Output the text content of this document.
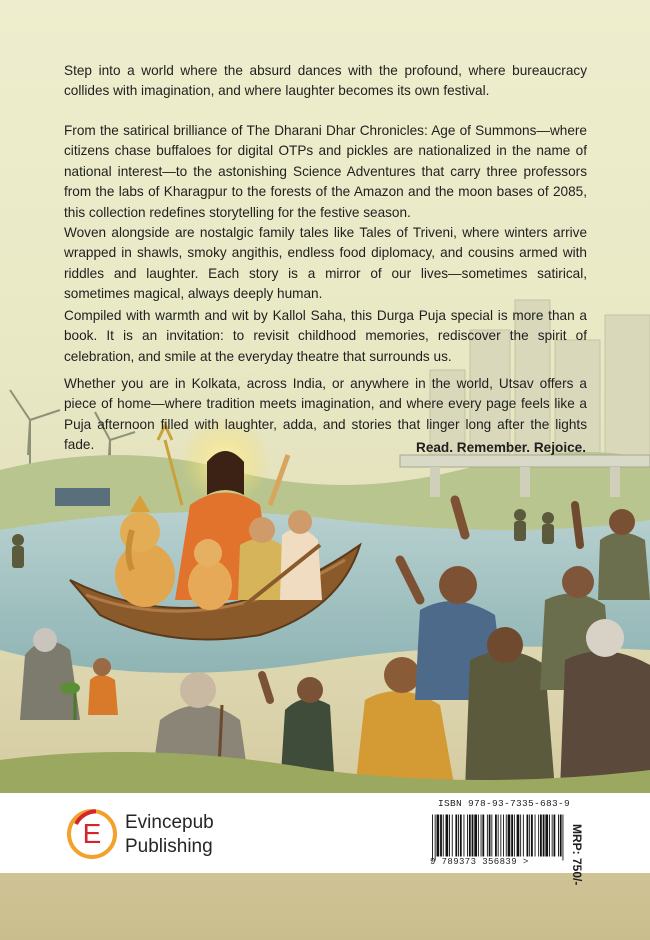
Step into a world where the absurd dances with the profound, where bureaucracy collides with imagination, and where laughter becomes its own festival.

From the satirical brilliance of The Dharani Dhar Chronicles: Age of Summons—where citizens chase buffaloes for digital OTPs and pickles are nationalized in the name of national interest—to the astonishing Science Adventures that carry three professors from the labs of Kharagpur to the forests of the Amazon and the moon bases of 2085, this collection redefines storytelling for the festive season.

Woven alongside are nostalgic family tales like Tales of Triveni, where winters arrive wrapped in shawls, smoky angithis, endless food diplomacy, and cousins armed with riddles and laughter. Each story is a mirror of our lives—sometimes satirical, sometimes magical, always deeply human.

Compiled with warmth and wit by Kallol Saha, this Durga Puja special is more than a book. It is an invitation: to revisit childhood memories, rediscover the spirit of celebration, and smile at the everyday theatre that surrounds us.

Whether you are in Kolkata, across India, or anywhere in the world, Utsav offers a piece of home—where tradition meets imagination, and where every page feels like a Puja afternoon filled with laughter, adda, and stories that linger long after the lights fade.	Read. Remember. Rejoice.

E Evincepub
Publishing
ISBN 978-93-7335-683-9
9 789373 356839 >	MRP: 750/-
